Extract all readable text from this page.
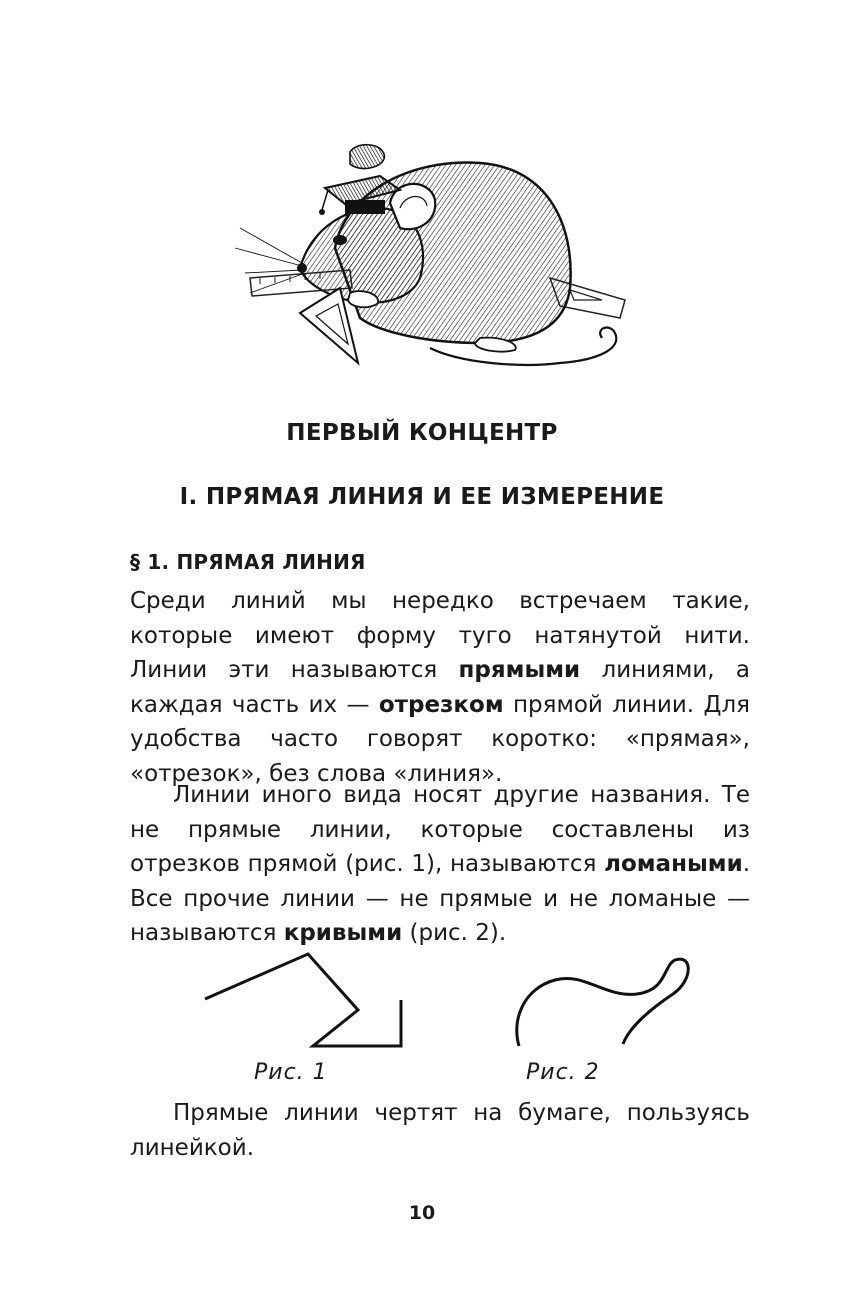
ПЕРВЫЙ КОНЦЕНТР
I. ПРЯМАЯ ЛИНИЯ И ЕЕ ИЗМЕРЕНИЕ
§ 1. ПРЯМАЯ ЛИНИЯ

Среди линий мы нередко встречаем такие, которые имеют форму туго натянутой нити. Линии эти называются прямыми линиями, а каждая часть их — отрезком прямой линии. Для удобства часто говорят коротко: «прямая», «отрезок», без слова «линия».

Линии иного вида носят другие названия. Те не прямые линии, которые составлены из отрезков прямой (рис. 1), называются ломаными. Все прочие линии — не прямые и не ломаные — называются кривыми (рис. 2).

Рис. 1	Рис. 2

Прямые линии чертят на бумаге, пользуясь линейкой.

10
